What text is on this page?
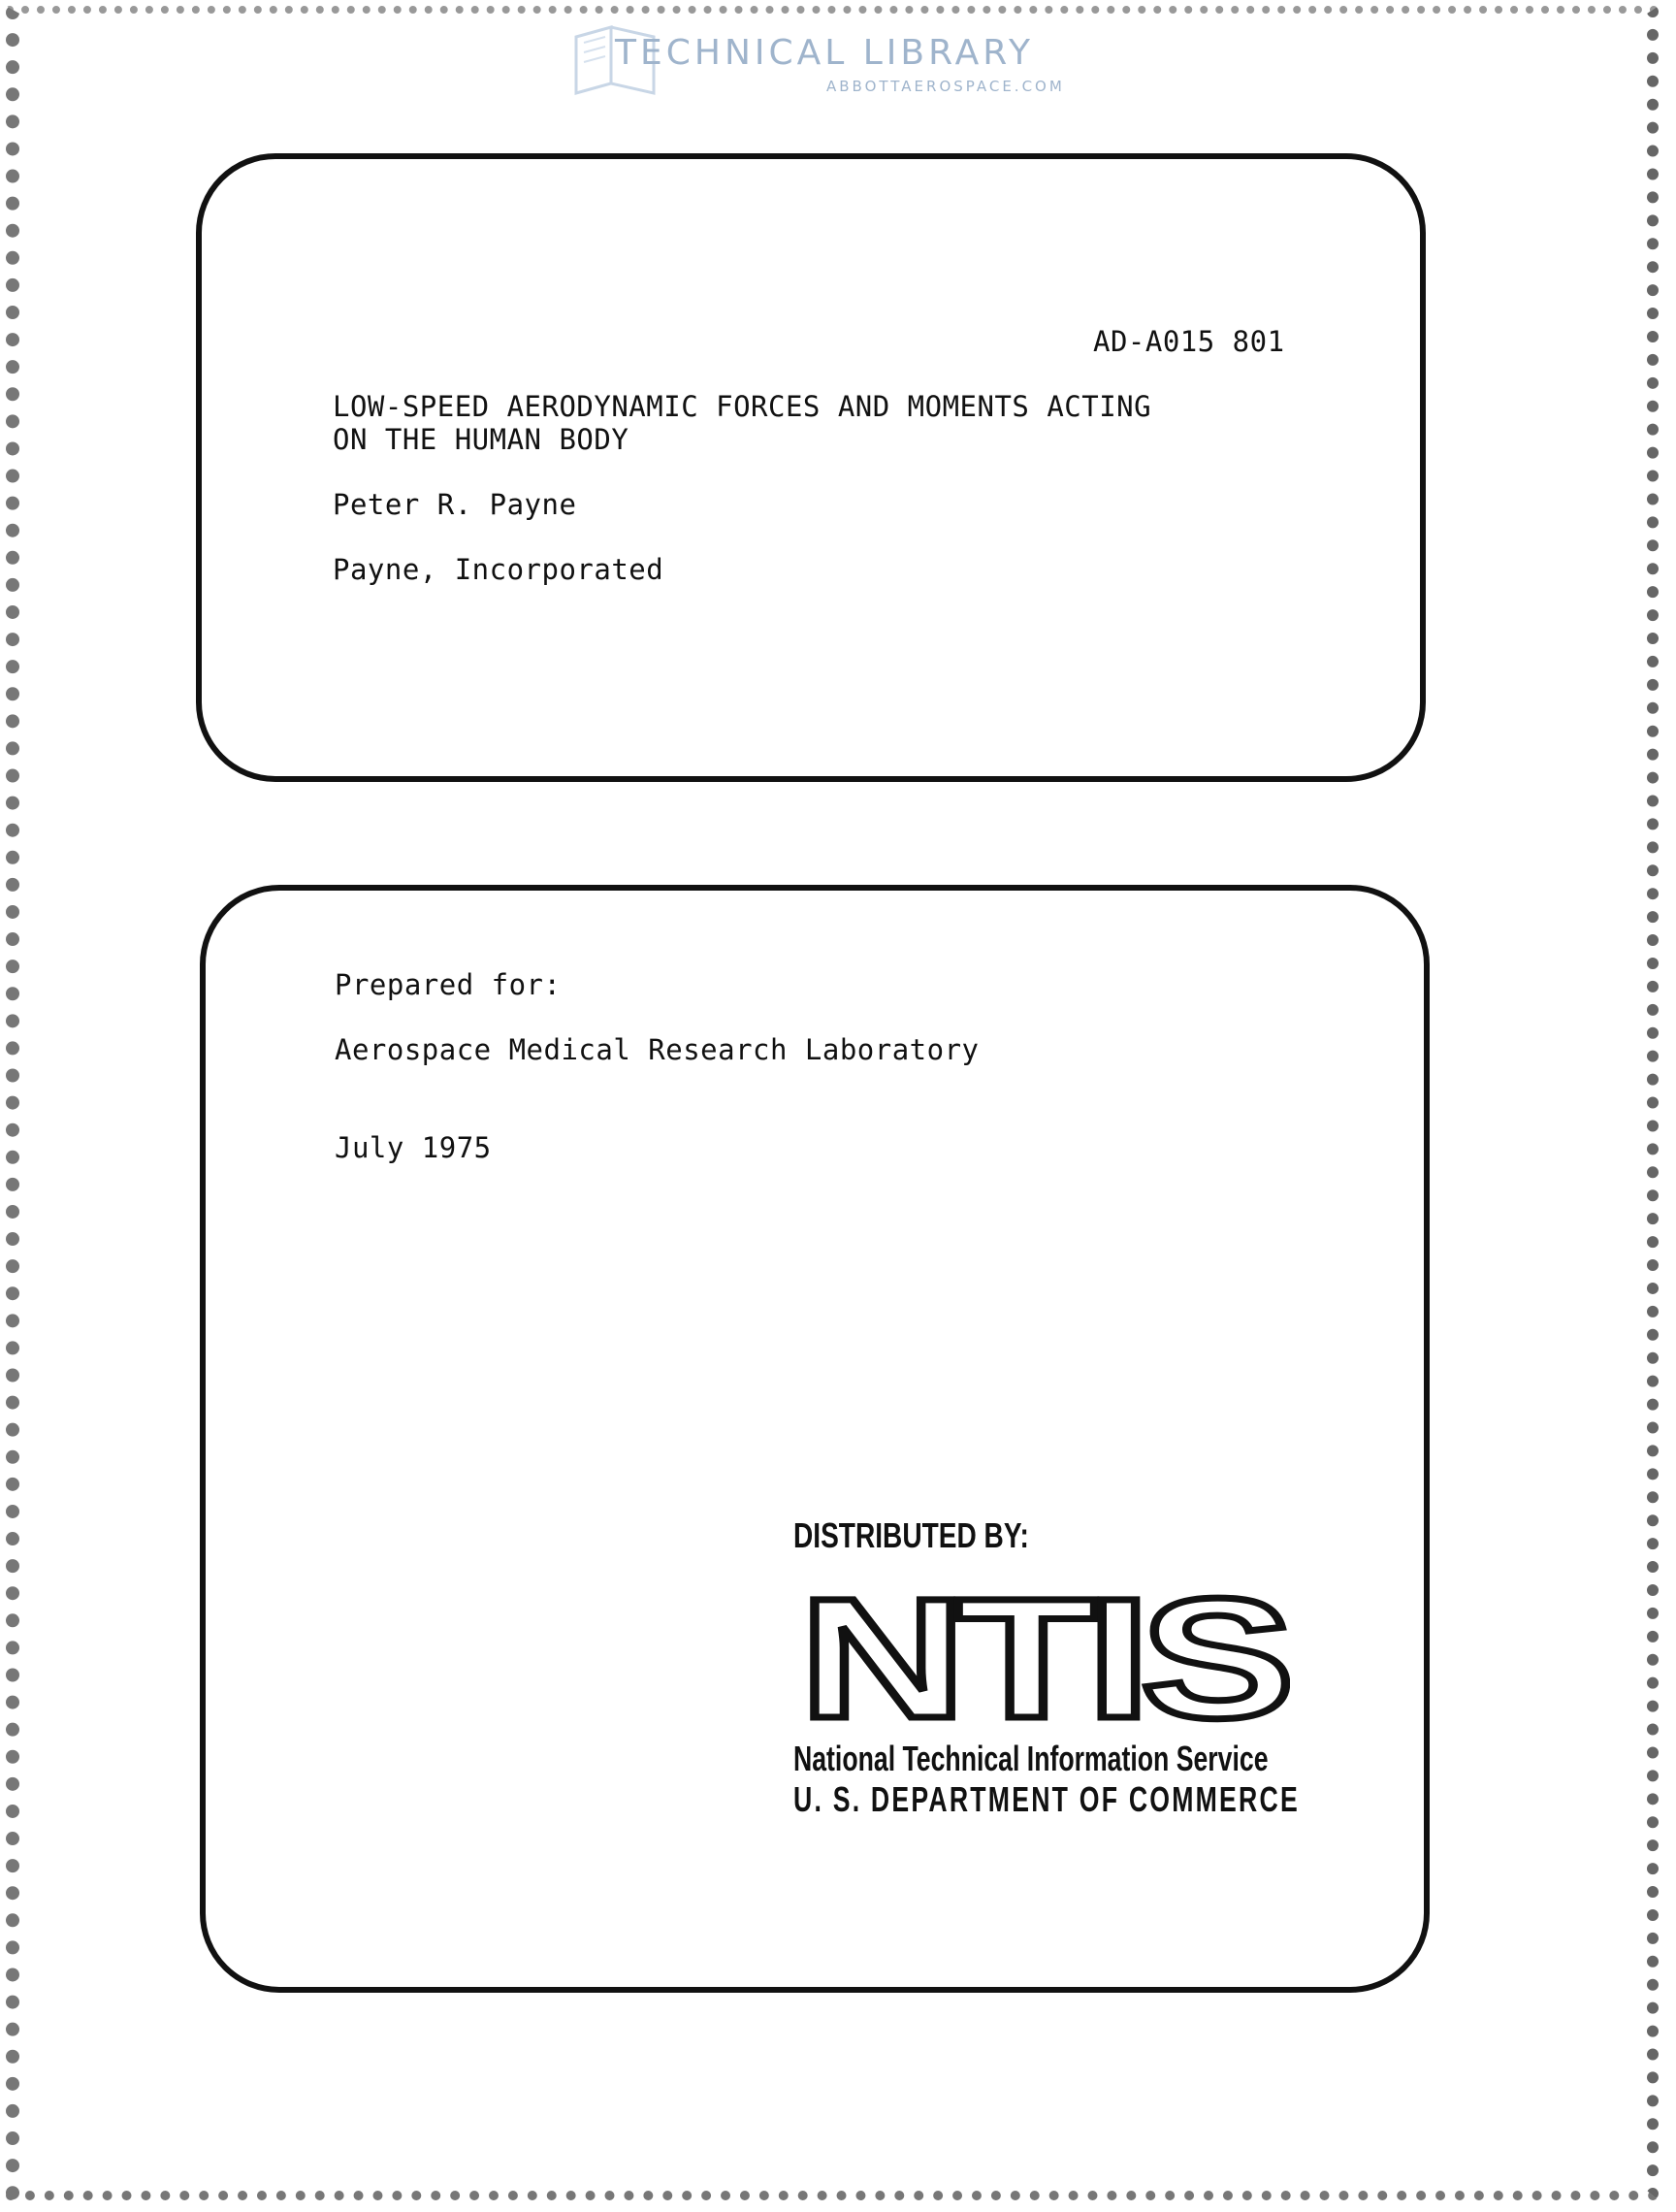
TECHNICAL LIBRARY
ABBOTTAEROSPACE.COM
AD-A015 801
LOW-SPEED AERODYNAMIC FORCES AND MOMENTS ACTING
ON THE HUMAN BODY
Peter R. Payne
Payne, Incorporated
Prepared for:
Aerospace Medical Research Laboratory
July 1975
DISTRIBUTED BY:
NTIS
National Technical Information Service
U. S. DEPARTMENT OF COMMERCE
